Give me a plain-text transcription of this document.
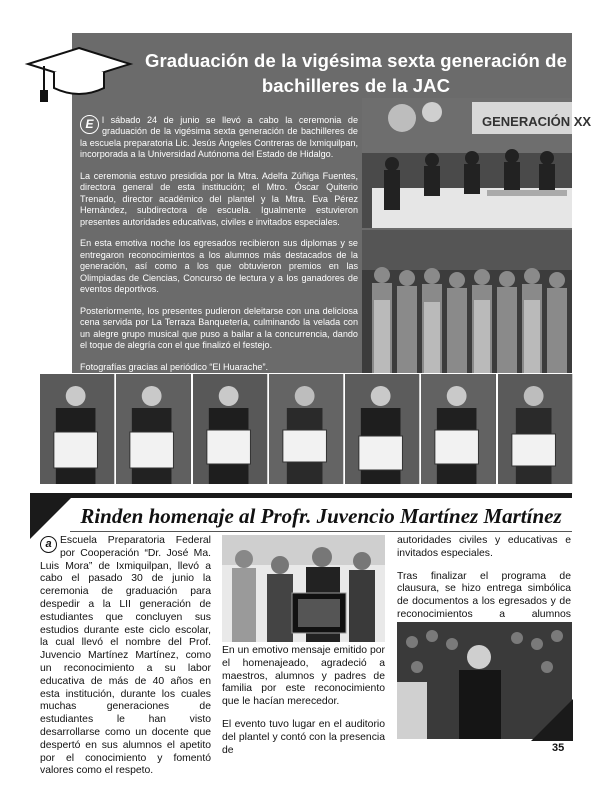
Graduación de la vigésima sexta generación de bachilleres de la JAC

E l sábado 24 de junio se llevó a cabo la ceremonia de graduación de la vigésima sexta generación de bachilleres de la escuela preparatoria Lic. Jesús Ángeles Contreras de Ixmiquilpan, incorporada a la Universidad Autónoma del Estado de Hidalgo.

La ceremonia estuvo presidida por la Mtra. Adelfa Zúñiga Fuentes, directora general de esta institución; el Mtro. Óscar Quiterio Trenado, director académico del plantel y la Mtra. Eva Pérez Hernández, subdirectora de escuela. Igualmente estuvieron presentes autoridades educativas, civiles e invitados especiales.

En esta emotiva noche los egresados recibieron sus diplomas y se entregaron reconocimientos a los alumnos más destacados de la generación, así como a los que obtuvieron premios en las Olimpiadas de Ciencias, Concurso de lectura y a los ganadores de eventos deportivos.

Posteriormente, los presentes pudieron deleitarse con una deliciosa cena servida por La Terraza Banquetería, culminando la velada con un alegre grupo musical que puso a bailar a la concurrencia, dando el toque de alegría con el que finalizó el festejo.

Fotografías gracias al periódico “El Huarache”.

GENERACIÓN XX
Rinden homenaje al Profr. Juvencio Martínez Martínez

a Escuela Preparatoria Federal por Cooperación “Dr. José Ma. Luis Mora” de Ixmiquilpan, llevó a cabo el pasado 30 de junio la ceremonia de graduación para despedir a la LII generación de estudiantes que concluyen sus estudios durante este ciclo escolar, la cual llevó el nombre del Prof. Juvencio Martínez Martínez, como un reconocimiento a su labor educativa de más de 40 años en esta institución, durante los cuales muchas generaciones de estudiantes le han visto desarrollarse como un docente que despertó en sus alumnos el apetito por el conocimiento y fomentó valores como el respeto.

En un emotivo mensaje emitido por el homenajeado, agradeció a maestros, alumnos y padres de familia por este reconocimiento que le hacían merecedor.

El evento tuvo lugar en el auditorio del plantel y contó con la presencia de

autoridades civiles y educativas e invitados especiales.

Tras finalizar el programa de clausura, se hizo entrega simbólica de documentos a los egresados y de reconocimientos a alumnos

35
